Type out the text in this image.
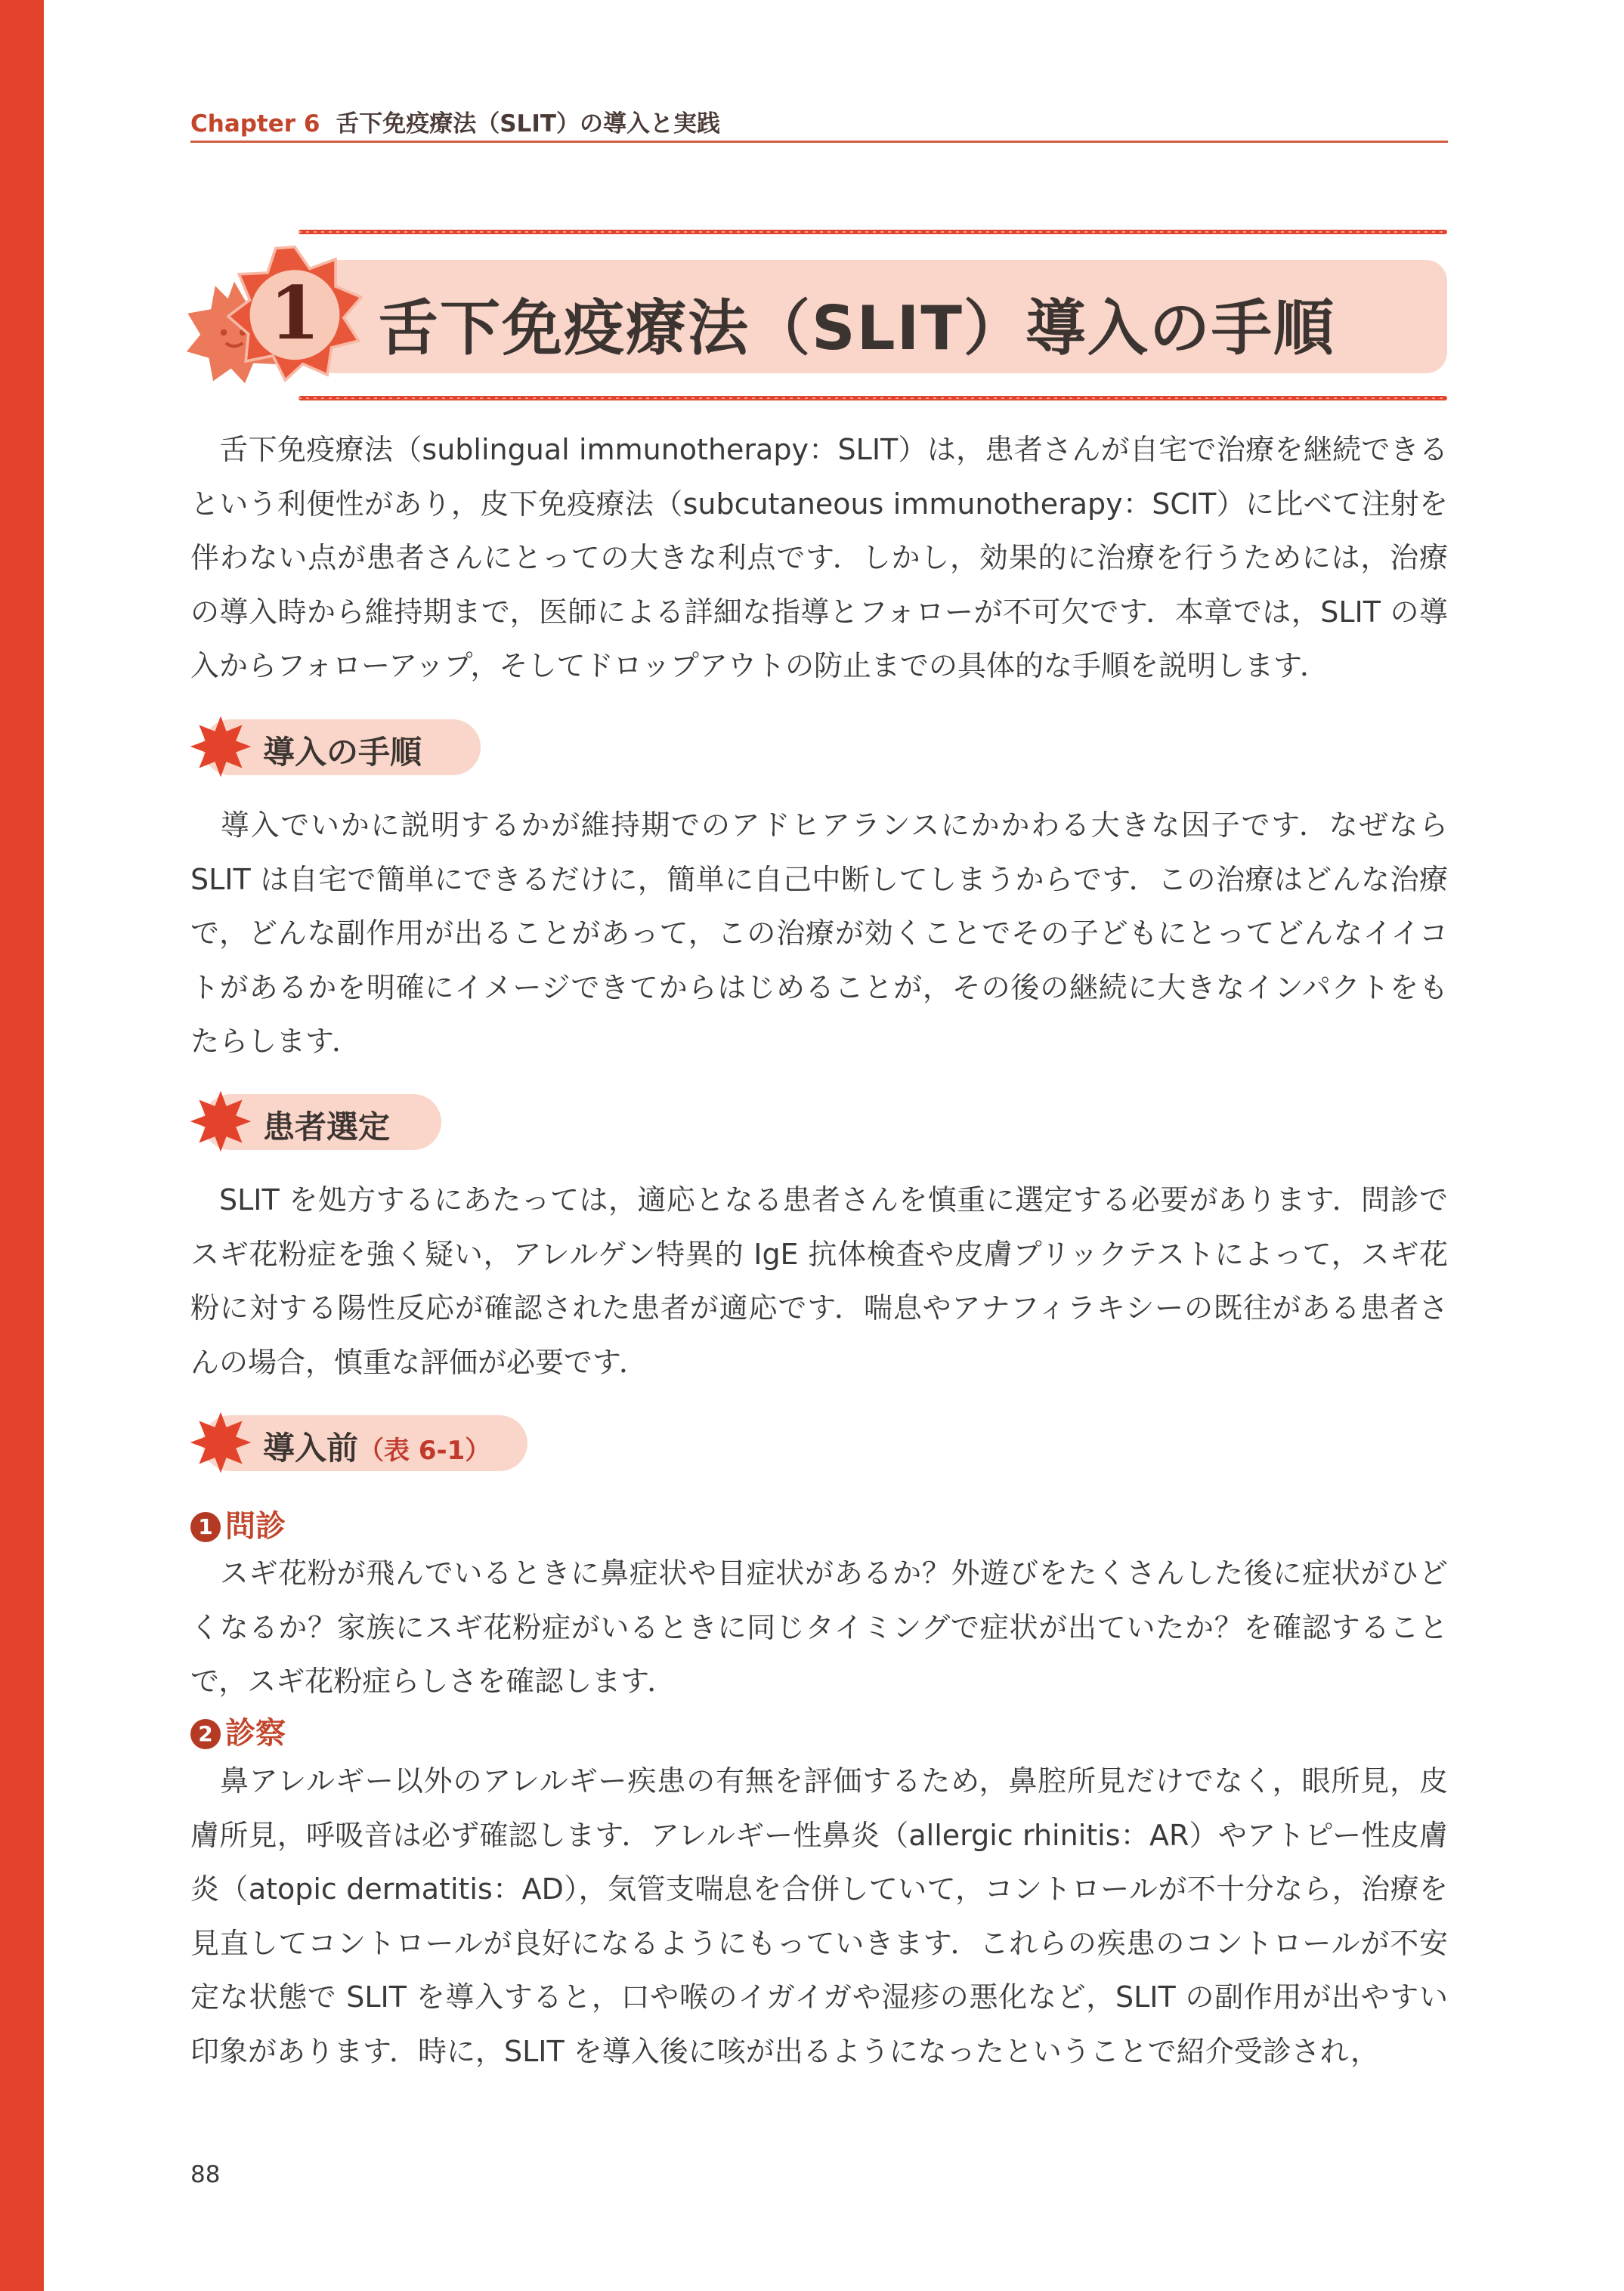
Chapter 6 舌下免疫療法（SLIT）の導入と実践
1 舌下免疫療法（SLIT）導入の手順

舌下免疫療法（sublingual immunotherapy：SLIT）は，患者さんが自宅で治療を継続できるという利便性があり，皮下免疫療法（subcutaneous immunotherapy：SCIT）に比べて注射を伴わない点が患者さんにとっての大きな利点です．しかし，効果的に治療を行うためには，治療の導入時から維持期まで，医師による詳細な指導とフォローが不可欠です．本章では，SLIT の導入からフォローアップ，そしてドロップアウトの防止までの具体的な手順を説明します．

導入の手順

導入でいかに説明するかが維持期でのアドヒアランスにかかわる大きな因子です．なぜなら SLIT は自宅で簡単にできるだけに，簡単に自己中断してしまうからです．この治療はどんな治療で，どんな副作用が出ることがあって，この治療が効くことでその子どもにとってどんなイイコトがあるかを明確にイメージできてからはじめることが，その後の継続に大きなインパクトをもたらします．

患者選定

SLIT を処方するにあたっては，適応となる患者さんを慎重に選定する必要があります．問診でスギ花粉症を強く疑い，アレルゲン特異的 IgE 抗体検査や皮膚プリックテストによって，スギ花粉に対する陽性反応が確認された患者が適応です．喘息やアナフィラキシーの既往がある患者さんの場合，慎重な評価が必要です．

導入前（表 6-1）
1 問診

スギ花粉が飛んでいるときに鼻症状や目症状があるか？外遊びをたくさんした後に症状がひどくなるか？家族にスギ花粉症がいるときに同じタイミングで症状が出ていたか？を確認することで，スギ花粉症らしさを確認します．

2 診察

鼻アレルギー以外のアレルギー疾患の有無を評価するため，鼻腔所見だけでなく，眼所見，皮膚所見，呼吸音は必ず確認します．アレルギー性鼻炎（allergic rhinitis：AR）やアトピー性皮膚炎（atopic dermatitis：AD），気管支喘息を合併していて，コントロールが不十分なら，治療を見直してコントロールが良好になるようにもっていきます．これらの疾患のコントロールが不安定な状態で SLIT を導入すると，口や喉のイガイガや湿疹の悪化など，SLIT の副作用が出やすい印象があります．時に，SLIT を導入後に咳が出るようになったということで紹介受診され，

88
